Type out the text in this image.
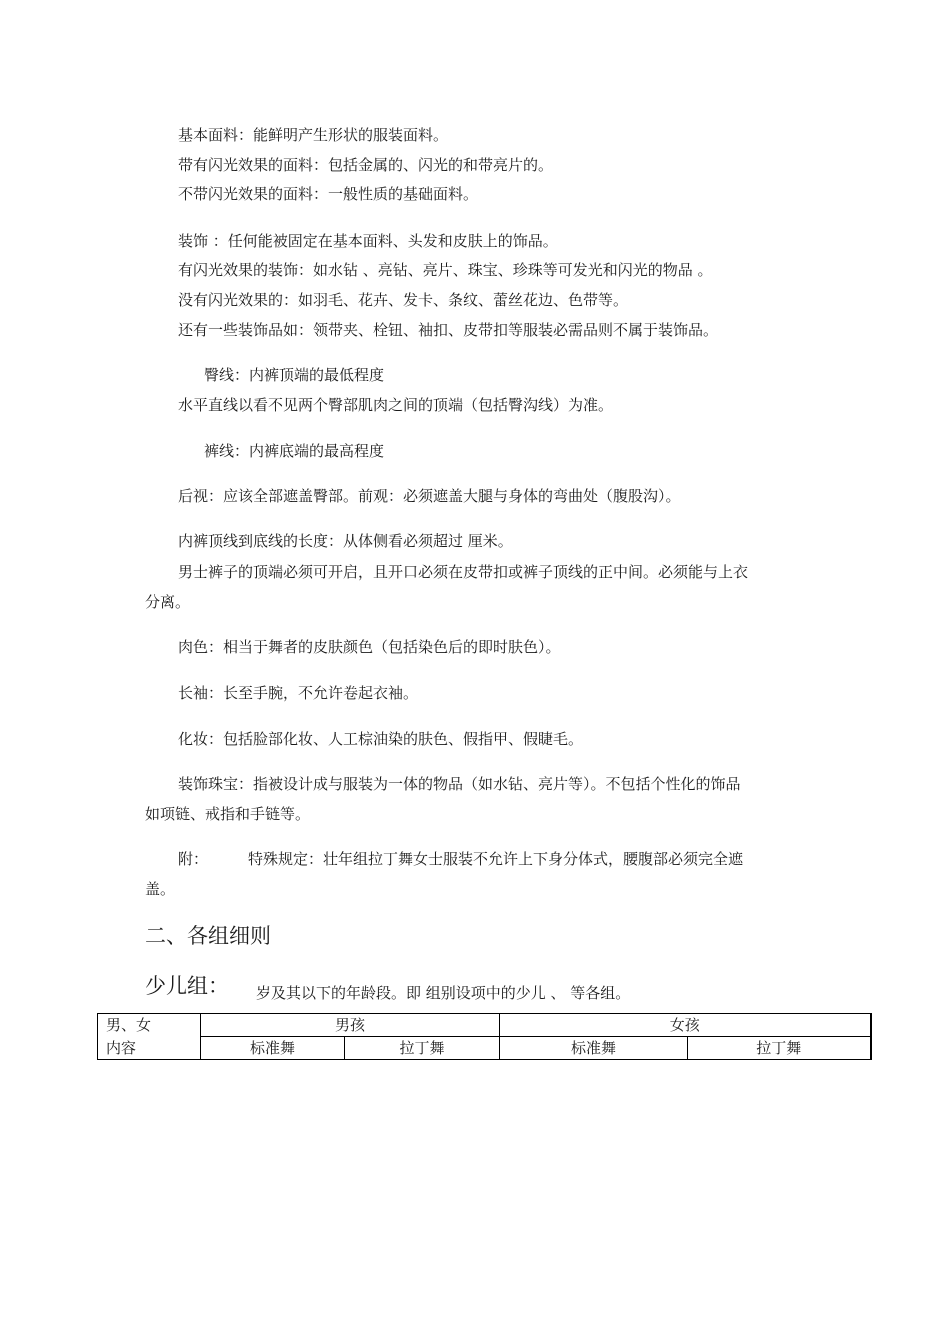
基本面料：能鲜明产生形状的服装面料。
带有闪光效果的面料：包括金属的、闪光的和带亮片的。
不带闪光效果的面料：一般性质的基础面料。
装饰 ：任何能被固定在基本面料、头发和皮肤上的饰品。
有闪光效果的装饰：如水钻 、亮钻、亮片、珠宝、珍珠等可发光和闪光的物品 。
没有闪光效果的：如羽毛、花卉、发卡、条纹、蕾丝花边、色带等。
还有一些装饰品如：领带夹、栓钮、袖扣、皮带扣等服装必需品则不属于装饰品。
臀线：内裤顶端的最低程度
水平直线以看不见两个臀部肌肉之间的顶端（包括臀沟线）为准。
裤线：内裤底端的最高程度
后视：应该全部遮盖臀部。前观：必须遮盖大腿与身体的弯曲处（腹股沟）。
内裤顶线到底线的长度：从体侧看必须超过 厘米。
男士裤子的顶端必须可开启，且开口必须在皮带扣或裤子顶线的正中间。必须能与上衣
分离。
肉色：相当于舞者的皮肤颜色（包括染色后的即时肤色）。
长袖：长至手腕，不允许卷起衣袖。
化妆：包括脸部化妆、人工棕油染的肤色、假指甲、假睫毛。
装饰珠宝：指被设计成与服装为一体的物品（如水钻、亮片等）。不包括个性化的饰品
如项链、戒指和手链等。
附：	特殊规定：壮年组拉丁舞女士服装不允许上下身分体式，腰腹部必须完全遮
盖。
二、各组细则
少儿组： 岁及其以下的年龄段。即 组别设项中的少儿 、 等各组。
男、女	男孩		女孩	
内容	标准舞	拉丁舞	标准舞	拉丁舞
